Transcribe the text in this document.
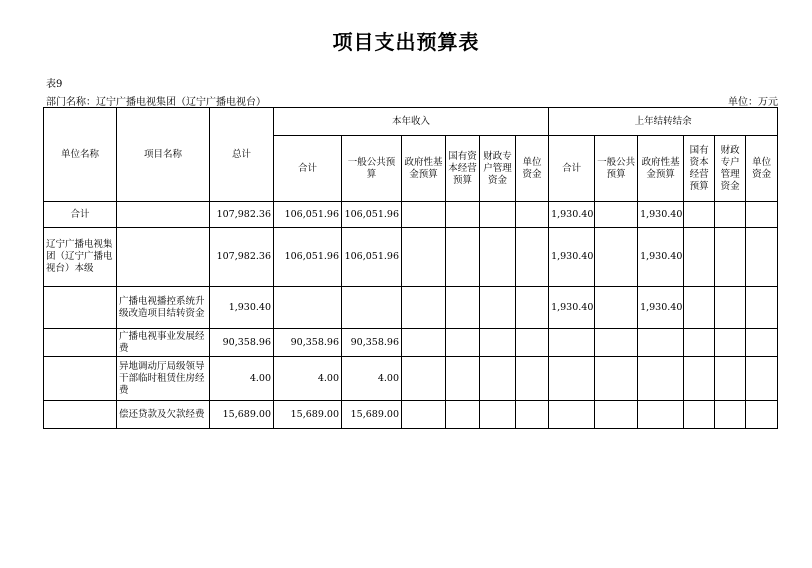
项目支出预算表
表9
部门名称：辽宁广播电视集团（辽宁广播电视台）	单位：万元
单位名称	项目名称	总计	本年收入						上年结转结余					
			合计	一般公共预算	政府性基金预算	国有资本经营预算	财政专户管理资金	单位资金	合计	一般公共预算	政府性基金预算	国有资本经营预算	财政专户管理资金	单位资金
合计		107,982.36	106,051.96	106,051.96					1,930.40		1,930.40			
辽宁广播电视集团（辽宁广播电视台）本级		107,982.36	106,051.96	106,051.96					1,930.40		1,930.40			
	广播电视播控系统升级改造项目结转资金	1,930.40							1,930.40		1,930.40			
	广播电视事业发展经费	90,358.96	90,358.96	90,358.96										
	异地调动厅局级领导干部临时租赁住房经费	4.00	4.00	4.00										
	偿还贷款及欠款经费	15,689.00	15,689.00	15,689.00										
